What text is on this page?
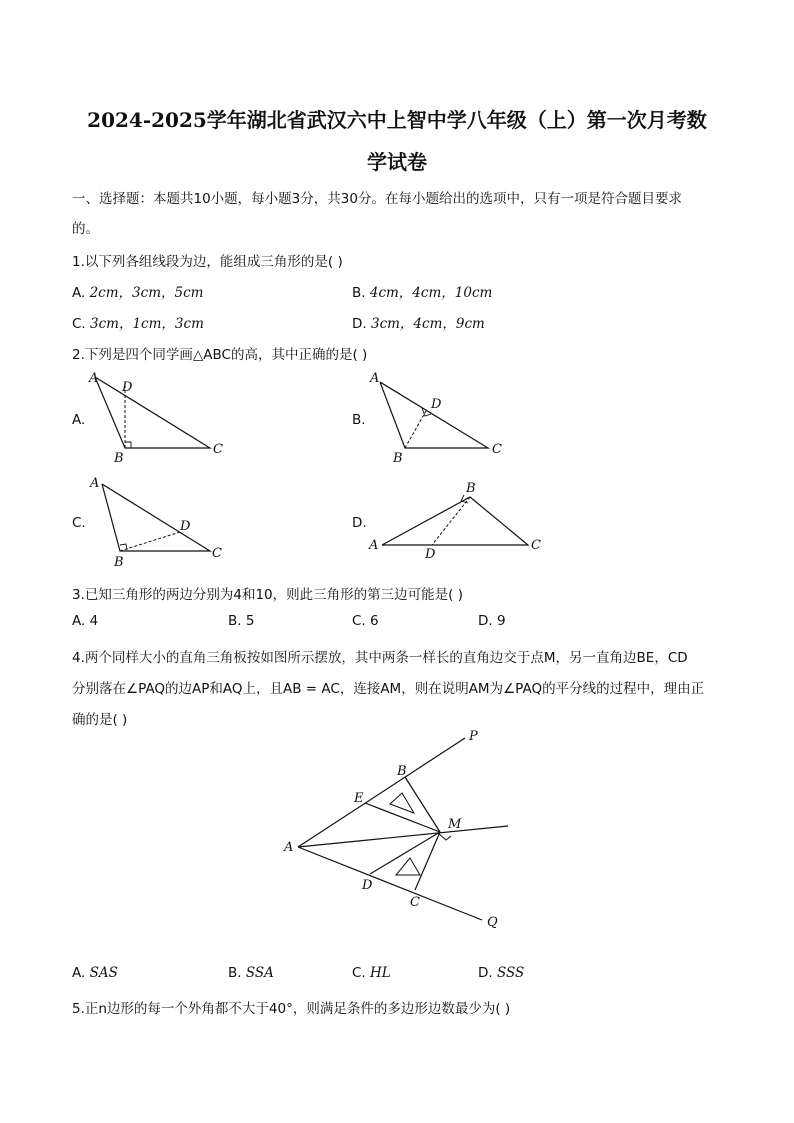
2024-2025学年湖北省武汉六中上智中学八年级（上）第一次月考数
学试卷
一、选择题：本题共10小题，每小题3分，共30分。在每小题给出的选项中，只有一项是符合题目要求
的。
1.以下列各组线段为边，能组成三角形的是( )
A. 2cm，3cm，5cm	B. 4cm，4cm，10cm
C. 3cm，1cm，3cm	D. 3cm，4cm，9cm
2.下列是四个同学画△ABC的高，其中正确的是( )
A.
A
D
B
C
B.
A
D
B
C
C.
A
D
B
C
D.
A
B
D
C
3.已知三角形的两边分别为4和10，则此三角形的第三边可能是( )
A. 4	B. 5	C. 6	D. 9
4.两个同样大小的直角三角板按如图所示摆放，其中两条一样长的直角边交于点M，另一直角边BE，CD
分别落在∠PAQ的边AP和AQ上，且AB = AC，连接AM，则在说明AM为∠PAQ的平分线的过程中，理由正
确的是( )
P
B
E
M
A
D
C
Q
A. SAS	B. SSA	C. HL	D. SSS
5.正n边形的每一个外角都不大于40°，则满足条件的多边形边数最少为( )
